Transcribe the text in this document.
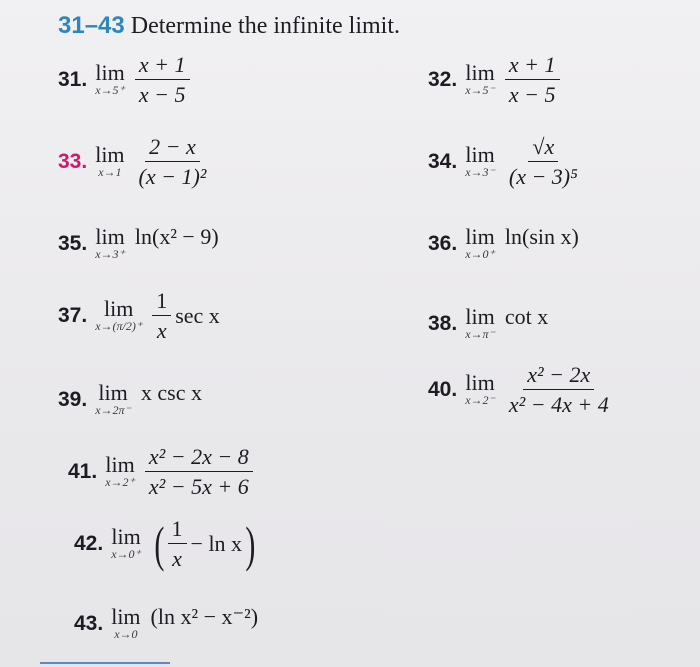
31–43 Determine the infinite limit.
31. lim
$x\to 5^+ \frac{x + 1}{x - 5}$	32. lim
$x\to 5^- \frac{x + 1}{x - 5}$
33. lim
$x\to 1 \frac{2 - x}{\text{(x − 1)²}}$	34. lim
$x\to 3^- \frac{√x}{\text{(x − 3)⁵}}$
35. lim
x→3⁺
ln(x² − 9)	36. lim
x→0⁺
ln(sin x)
37. lim
$x\to(\pi/2)^+ \frac{1}{x}$ sec x	38. lim
x→π⁻
cot x
39. lim
x→2π⁻
x csc x	40. lim
$x\to 2^- \frac{\text{x² − 2x}}{\text{x² − 4x + 4}}$
41. lim
$x\to 2^+ \frac{\text{x² − 2x − 8}}{\text{x² − 5x + 6}}$
42. lim
x→0⁺ ( $\frac{1}{x} - \ln x$ )
43. lim
x→0
(ln x² − x⁻²)
